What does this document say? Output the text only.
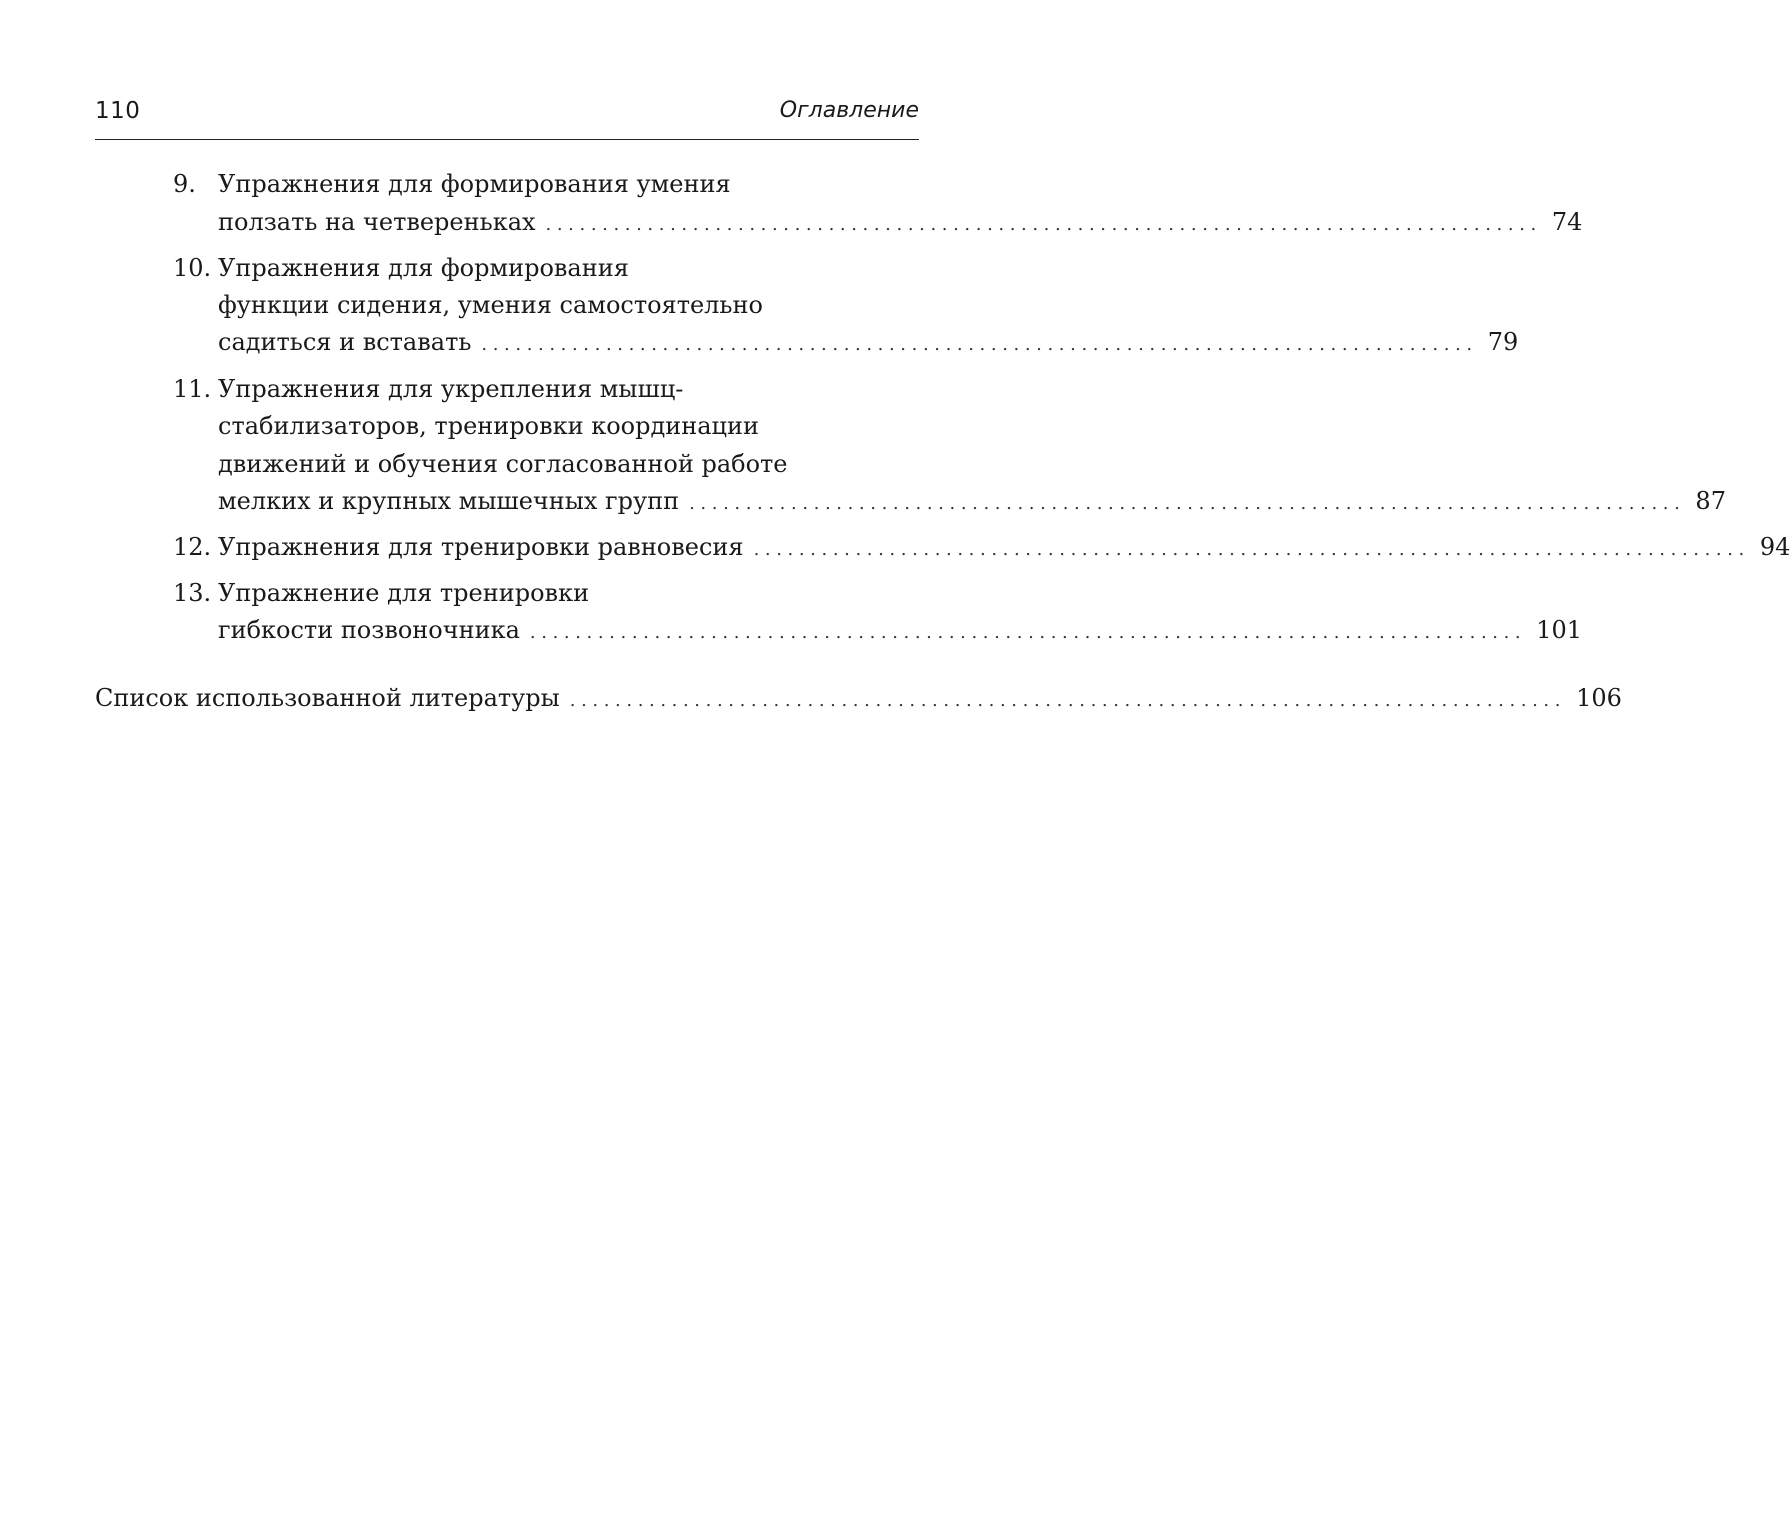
110	Оглавление
9. Упражнения для формирования умения
ползать на четвереньках ........................................................................................ 74
10. Упражнения для формирования
функции сидения, умения самостоятельно
садиться и вставать ........................................................................................ 79
11. Упражнения для укрепления мышц-
стабилизаторов, тренировки координации
движений и обучения согласованной работе
мелких и крупных мышечных групп ........................................................................................ 87
12. Упражнения для тренировки равновесия ........................................................................................ 94
13. Упражнение для тренировки
гибкости позвоночника ........................................................................................ 101
Список использованной литературы ........................................................................................ 106
